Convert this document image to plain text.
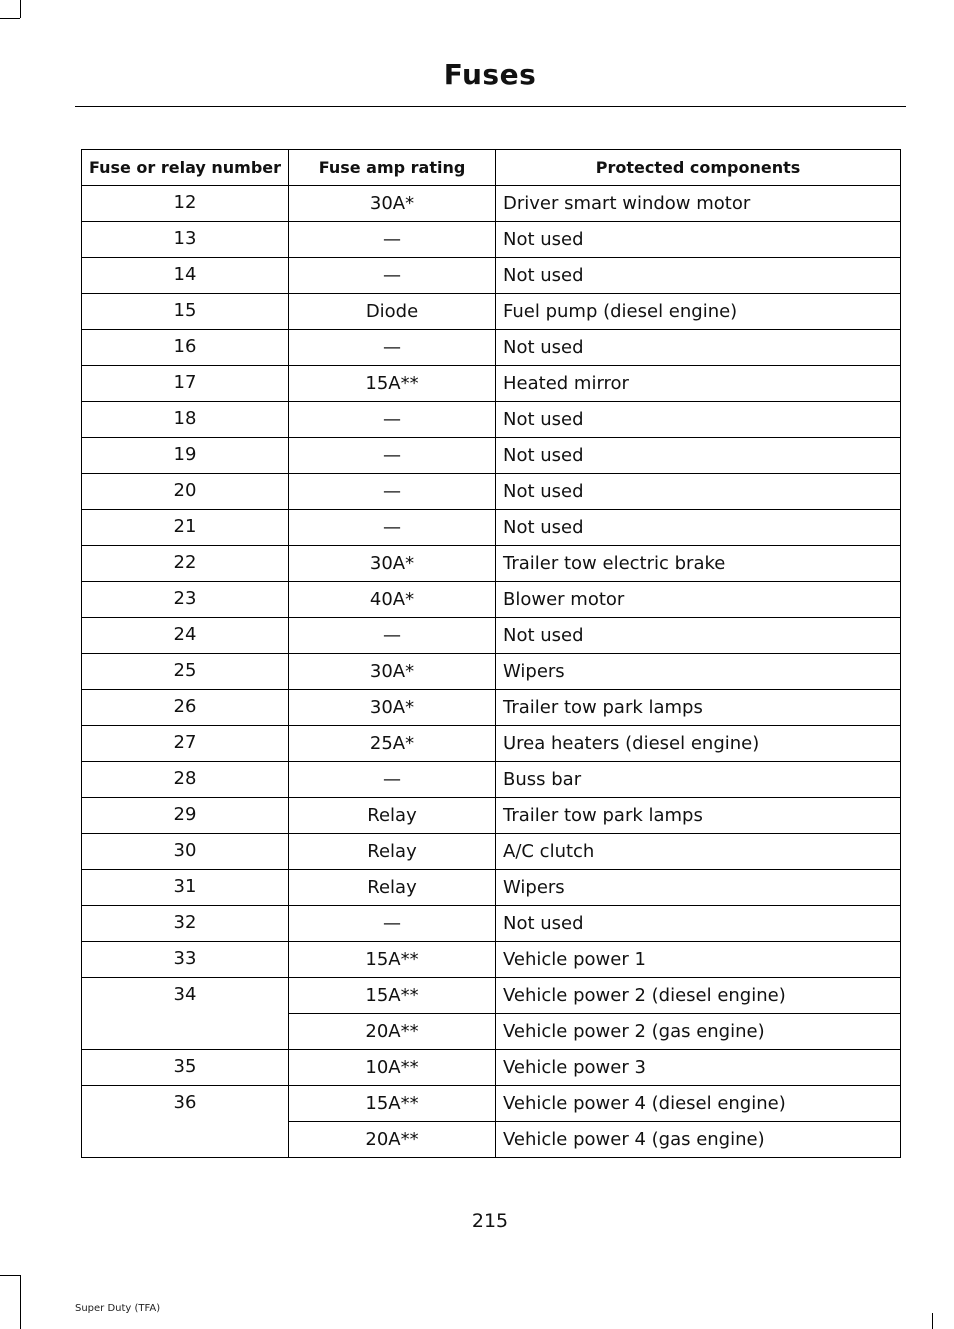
Fuses
Fuse or relay number	Fuse amp rating	Protected components
12	30A*	Driver smart window motor
13	—	Not used
14	—	Not used
15	Diode	Fuel pump (diesel engine)
16	—	Not used
17	15A**	Heated mirror
18	—	Not used
19	—	Not used
20	—	Not used
21	—	Not used
22	30A*	Trailer tow electric brake
23	40A*	Blower motor
24	—	Not used
25	30A*	Wipers
26	30A*	Trailer tow park lamps
27	25A*	Urea heaters (diesel engine)
28	—	Buss bar
29	Relay	Trailer tow park lamps
30	Relay	A/C clutch
31	Relay	Wipers
32	—	Not used
33	15A**	Vehicle power 1
34	15A**	Vehicle power 2 (diesel engine)
	20A**	Vehicle power 2 (gas engine)
35	10A**	Vehicle power 3
36	15A**	Vehicle power 4 (diesel engine)
	20A**	Vehicle power 4 (gas engine)
215
Super Duty (TFA)
